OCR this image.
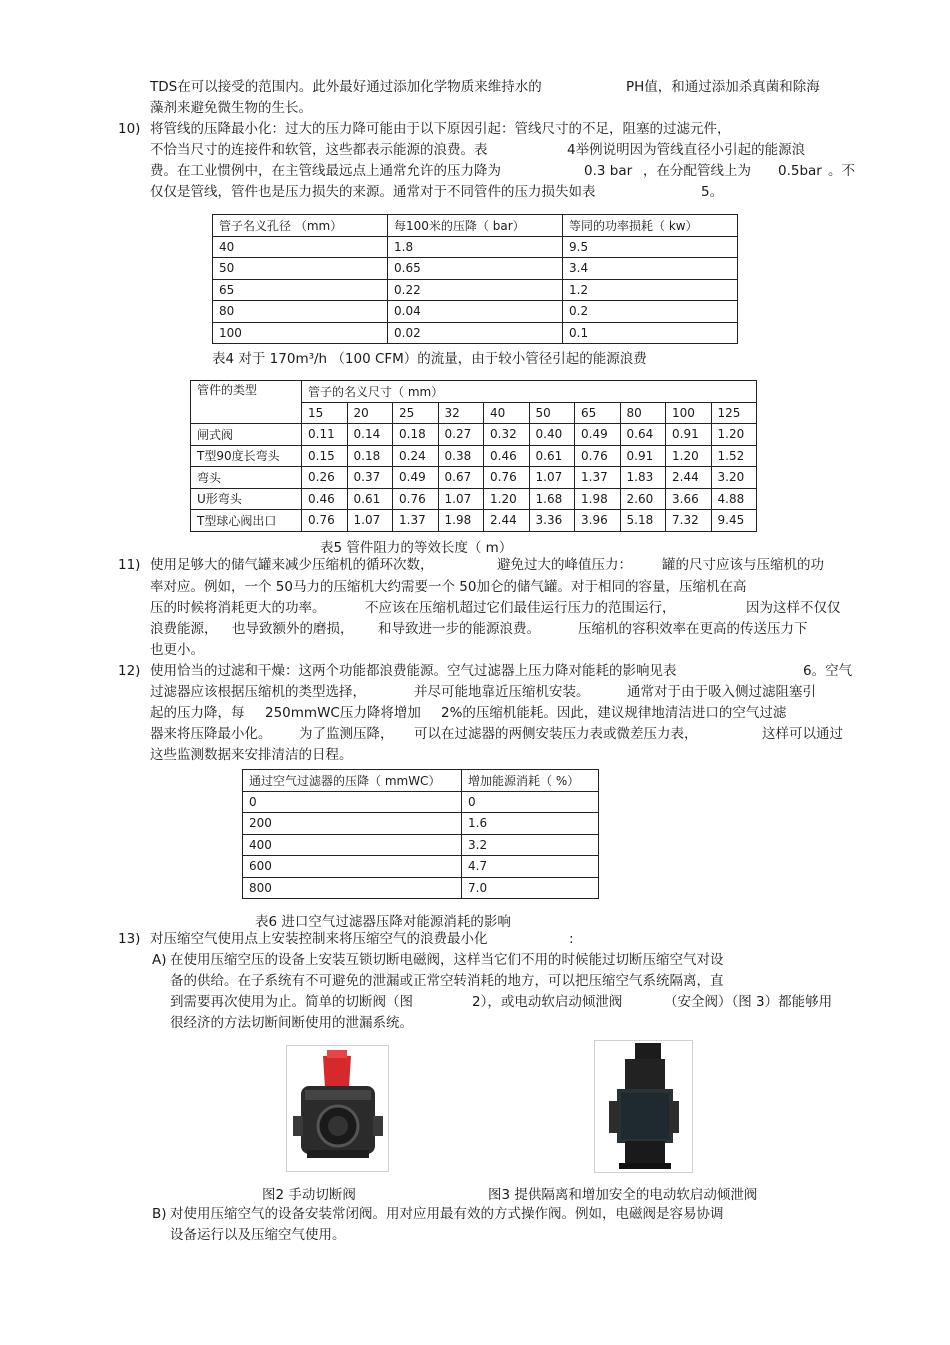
TDS在可以接受的范围内。此外最好通过添加化学物质来维持水的	PH值，和通过添加杀真菌和除海
藻剂来避免微生物的生长。
10) 将管线的压降最小化：过大的压力降可能由于以下原因引起：管线尺寸的不足，阻塞的过滤元件，
不恰当尺寸的连接件和软管，这些都表示能源的浪费。表	4举例说明因为管线直径小引起的能源浪
费。在工业惯例中，在主管线最远点上通常允许的压力降为	0.3 bar ，在分配管线上为 0.5bar 。不
仅仅是管线，管件也是压力损失的来源。通常对于不同管件的压力损失如表	5。
管子名义孔径 （mm）	每100米的压降（ bar）	等同的功率损耗（ kw）
40	1.8	9.5
50	0.65	3.4
65	0.22	1.2
80	0.04	0.2
100	0.02	0.1
表4 对于 170m³/h （100 CFM）的流量，由于较小管径引起的能源浪费
管件的类型	管子的名义尺寸（ mm）									
	15	20	25	32	40	50	65	80	100	125
闸式阀	0.11	0.14	0.18	0.27	0.32	0.40	0.49	0.64	0.91	1.20
T型90度长弯头	0.15	0.18	0.24	0.38	0.46	0.61	0.76	0.91	1.20	1.52
弯头	0.26	0.37	0.49	0.67	0.76	1.07	1.37	1.83	2.44	3.20
U形弯头	0.46	0.61	0.76	1.07	1.20	1.68	1.98	2.60	3.66	4.88
T型球心阀出口	0.76	1.07	1.37	1.98	2.44	3.36	3.96	5.18	7.32	9.45
表5 管件阻力的等效长度（ m）
11) 使用足够大的储气罐来减少压缩机的循环次数，	避免过大的峰值压力： 罐的尺寸应该与压缩机的功
率对应。例如，一个 50马力的压缩机大约需要一个 50加仑的储气罐。对于相同的容量，压缩机在高
压的时候将消耗更大的功率。	不应该在压缩机超过它们最佳运行压力的范围运行，	因为这样不仅仅
浪费能源， 也导致额外的磨损， 和导致进一步的能源浪费。	压缩机的容积效率在更高的传送压力下
也更小。
12) 使用恰当的过滤和干燥：这两个功能都浪费能源。空气过滤器上压力降对能耗的影响见表	6。空气
过滤器应该根据压缩机的类型选择，	并尽可能地靠近压缩机安装。	通常对于由于吸入侧过滤阻塞引
起的压力降，每 250mmWC压力降将增加 2%的压缩机能耗。因此，建议规律地清洁进口的空气过滤
器来将压降最小化。 为了监测压降， 可以在过滤器的两侧安装压力表或微差压力表，	这样可以通过
这些监测数据来安排清洁的日程。
通过空气过滤器的压降（ mmWC）	增加能源消耗（ %）
0	0
200	1.6
400	3.2
600	4.7
800	7.0
表6 进口空气过滤器压降对能源消耗的影响
13) 对压缩空气使用点上安装控制来将压缩空气的浪费最小化	:
A) 在使用压缩空压的设备上安装互锁切断电磁阀，这样当它们不用的时候能过切断压缩空气对设
备的供给。在子系统有不可避免的泄漏或正常空转消耗的地方，可以把压缩空气系统隔离，直
到需要再次使用为止。简单的切断阀（图	2），或电动软启动倾泄阀	（安全阀）（图 3）都能够用
很经济的方法切断间断使用的泄漏系统。
图2 手动切断阀	图3 提供隔离和增加安全的电动软启动倾泄阀
B) 对使用压缩空气的设备安装常闭阀。用对应用最有效的方式操作阀。例如，电磁阀是容易协调
设备运行以及压缩空气使用。
